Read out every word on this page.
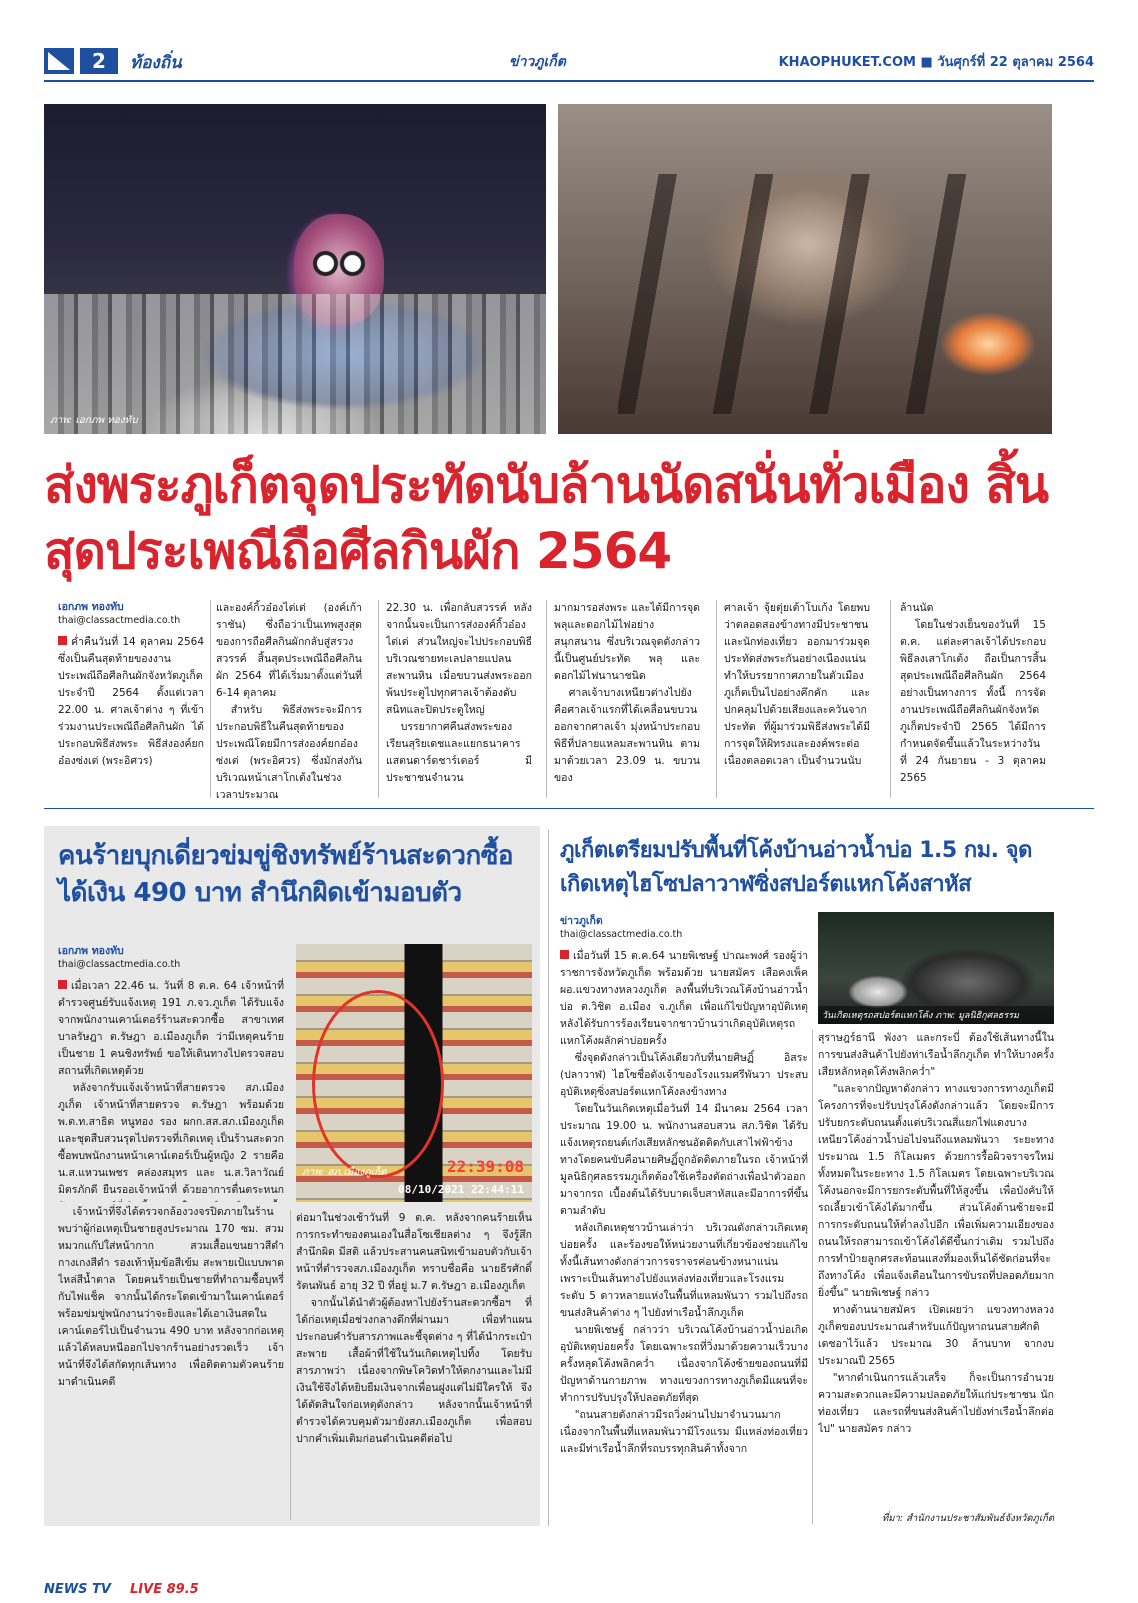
2	ท้องถิ่น	ข่าวภูเก็ต	KHAOPHUKET.COM ■ วันศุกร์ที่ 22 ตุลาคม 2564
ภาพ: เอกภพ ทองทับ
ส่งพระภูเก็ตจุดประทัดนับล้านนัดสนั่นทั่วเมือง สิ้นสุดประเพณีถือศีลกินผัก 2564
เอกภพ ทองทับ
thai@classactmedia.co.th

ค่ำคืนวันที่ 14 ตุลาคม 2564 ซึ่งเป็นคืนสุดท้ายของงานประเพณีถือศีลกินผักจังหวัดภูเก็ต ประจำปี 2564 ตั้งแต่เวลา 22.00 น. ศาลเจ้าต่าง ๆ ที่เข้าร่วมงานประเพณีถือศีลกินผัก ได้ประกอบพิธีส่งพระ พิธีส่งองค์ยกอ๋องซ่งเต่ (พระอิศวร)

และองค์กิ้วอ๋องไต่เต่ (องค์เก้าราชัน) ซึ่งถือว่าเป็นเทพสูงสุดของการถือศีลกินผักกลับสู่สรวงสวรรค์ สิ้นสุดประเพณีถือศีลกินผัก 2564 ที่ได้เริ่มมาตั้งแต่วันที่ 6-14 ตุลาคม

สำหรับ พิธีส่งพระจะมีการประกอบพิธีในคืนสุดท้ายของประเพณีโดยมีการส่งองค์ยกอ๋องซ่งเต่ (พระอิศวร) ซึ่งมักส่งกันบริเวณหน้าเสาโกเต้งในช่วงเวลาประมาณ

22.30 น. เพื่อกลับสวรรค์ หลังจากนั้นจะเป็นการส่งองค์กิ้วอ๋องไต่เต่ ส่วนใหญ่จะไปประกอบพิธีบริเวณชายทะเลปลายแปลนสะพานหิน เมื่อขบวนส่งพระออกพ้นประตูไปทุกศาลเจ้าต้องดับสนิทและปิดประตูใหญ่

บรรยากาศคืนส่งพระของเรียนสุริยเดชและแยกธนาคารแสตนดาร์ดชาร์เตอร์ มีประชาชนจำนวน

มากมารอส่งพระ และได้มีการจุดพลุและดอกไม้ไฟอย่างสนุกสนาน ซึ่งบริเวณจุดดังกล่าวนี้เป็นศูนย์ประทัด พลุ และดอกไม้ไฟนานาชนิด

ศาลเจ้าบางเหนียวต่างไปยังคือศาลเจ้าแรกที่ได้เคลื่อนขบวนออกจากศาลเจ้า มุ่งหน้าประกอบพิธีที่ปลายแหลมสะพานหิน ตามมาด้วยเวลา 23.09 น. ขบวนของ

ศาลเจ้า จุ้ยตุ่ยเต้าโบเก้ง โดยพบว่าตลอดสองข้างทางมีประชาชนและนักท่องเที่ยว ออกมาร่วมจุดประทัดส่งพระกันอย่างเนืองแน่นทำให้บรรยากาศภายในตัวเมืองภูเก็ตเป็นไปอย่างคึกคัก และปกคลุมไปด้วยเสียงและควันจากประทัด ที่ผู้มาร่วมพิธีส่งพระได้มีการจุดให้ฝ้ทรงและองค์พระต่อเนื่องตลอดเวลา เป็นจำนวนนับ

ล้านนัด

โดยในช่วงเย็นของวันที่ 15 ต.ค. แต่ละศาลเจ้าได้ประกอบพิธีลงเสาโกเต้ง ถือเป็นการสิ้นสุดประเพณีถือศีลกินผัก 2564 อย่างเป็นทางการ ทั้งนี้ การจัดงานประเพณีถือศีลกินผักจังหวัดภูเก็ตประจำปี 2565 ได้มีการกำหนดจัดขึ้นแล้วในระหว่างวันที่ 24 กันยายน - 3 ตุลาคม 2565

คนร้ายบุกเดี่ยวข่มขู่ชิงทรัพย์ร้านสะดวกซื้อ ได้เงิน 490 บาท สำนึกผิดเข้ามอบตัว
เอกภพ ทองทับ
thai@classactmedia.co.th

เมื่อเวลา 22.46 น. วันที่ 8 ต.ค. 64 เจ้าหน้าที่ตำรวจศูนย์รับแจ้งเหตุ 191 ภ.จว.ภูเก็ต ได้รับแจ้งจากพนักงานเคาน์เตอร์ร้านสะดวกซื้อ สาขาเทศบาลรัษฎา ต.รัษฎา อ.เมืองภูเก็ต ว่ามีเหตุคนร้ายเป็นชาย 1 คนชิงทรัพย์ ขอให้เดินทางไปตรวจสอบสถานที่เกิดเหตุด้วย

หลังจากรับแจ้งเจ้าหน้าที่สายตรวจ สภ.เมืองภูเก็ต เจ้าหน้าที่สายตรวจ ต.รัษฎา พร้อมด้วย พ.ต.ท.สาธิต หนูทอง รอง ผกก.สส.สภ.เมืองภูเก็ต และชุดสืบสวนรุดไปตรวจที่เกิดเหตุ เป็นร้านสะดวกซื้อพบพนักงานหน้าเคาน์เตอร์เป็นผู้หญิง 2 รายคือ น.ส.แหวนเพชร คล่องสมุทร และ น.ส.วิลาวัณย์ มิตรภักดี ยืนรออเจ้าหน้าที่ ด้วยอาการตื่นตระหนก

22:39:08
08/10/2021 22:44:11
ภาพ: สภ.เมืองภูเก็ต

เจ้าหน้าที่จึงได้ตรวจกล้องวงจรปิดภายในร้าน พบว่าผู้ก่อเหตุเป็นชายสูงประมาณ 170 ซม. สวมหมวกแก๊ปใส่หน้ากาก สวมเสื้อแขนยาวสีดำ กางเกงสีดำ รองเท้าหุ้มข้อสีเข้ม สะพายเป้แบบพาดไหล่สีน้ำตาล โดยคนร้ายเป็นชายที่ทำถามซื้อบุหรี่กับไฟแช็ค จากนั้นได้กระโดดเข้ามาในเคาน์เตอร์ พร้อมข่มขู่พนักงานว่าจะยิงและได้เอาเงินสดในเคาน์เตอร์ไปเป็นจำนวน 490 บาท หลังจากก่อเหตุแล้วได้หลบหนีออกไปจากร้านอย่างรวดเร็ว เจ้าหน้าที่จึงได้สกัดทุกเส้นทาง เพื่อติดตามตัวคนร้ายมาดำเนินคดี

ต่อมาในช่วงเช้าวันที่ 9 ต.ค. หลังจากคนร้ายเห็นการกระทำของตนเองในสื่อโซเชียลต่าง ๆ จึงรู้สึกสำนึกผิด มีสติ แล้วประสานคนสนิทเข้ามอบตัวกับเจ้าหน้าที่ตำรวจสภ.เมืองภูเก็ต ทราบชื่อคือ นายธีรศักดิ์ รัตนพันธ์ อายุ 32 ปี ที่อยู่ ม.7 ต.รัษฎา อ.เมืองภูเก็ต

จากนั้นได้นำตัวผู้ต้องหาไปยังร้านสะดวกซื้อฯ ที่ได้ก่อเหตุเมื่อช่วงกลางดึกที่ผ่านมา เพื่อทำแผนประกอบคำรับสารภาพและชี้จุดต่าง ๆ ที่ได้นำกระเป๋าสะพาย เสื้อผ้าที่ใช้ในวันเกิดเหตุไปทิ้ง โดยรับสารภาพว่า เนื่องจากพิษโควิดทำให้ตกงานและไม่มีเงินใช้จึงได้หยิบยืมเงินจากเพื่อนฝูงแต่ไม่มีใครให้ จึงได้ตัดสินใจก่อเหตุดังกล่าว หลังจากนั้นเจ้าหน้าที่ตำรวจได้ควบคุมตัวมายังสภ.เมืองภูเก็ต เพื่อสอบปากคำเพิ่มเติมก่อนดำเนินคดีต่อไป

ภูเก็ตเตรียมปรับพื้นที่โค้งบ้านอ่าวน้ำบ่อ 1.5 กม. จุดเกิดเหตุไฮโซปลาวาฬซิ่งสปอร์ตแหกโค้งสาหัส
ข่าวภูเก็ต
thai@classactmedia.co.th

เมื่อวันที่ 15 ต.ค.64 นายพิเชษฐ์ ปาณะพงศ์ รองผู้ว่าราชการจังหวัดภูเก็ต พร้อมด้วย นายสมัคร เสือคงเพ็ค ผอ.แขวงทางหลวงภูเก็ต ลงพื้นที่บริเวณโค้งบ้านอ่าวน้ำบ่อ ต.วิชิต อ.เมือง จ.ภูเก็ต เพื่อแก้ไขปัญหาอุบัติเหตุ หลังได้รับการร้องเรียนจากชาวบ้านว่าเกิดอุบัติเหตุรถแหกโค้งผลักค่าบ่อยครั้ง

ซึ่งจุดดังกล่าวเป็นโค้งเดียวกับที่นายศิษฏิ์ อิสระ (ปลาวาฬ) ไฮโซชื่อดังเจ้าของโรงแรมศรีพันวา ประสบอุบัติเหตุซิ่งสปอร์ตแหกโค้งลงข้างทาง

โดยในวันเกิดเหตุเมื่อวันที่ 14 มีนาคม 2564 เวลาประมาณ 19.00 น. พนักงานสอบสวน สภ.วิชิต ได้รับแจ้งเหตุรถยนต์เก๋งเสียหลักชนอัดติดกับเสาไฟฟ้าข้างทางโดยคนขับคือนายศิษฏิ์ถูกอัดติดภายในรถ เจ้าหน้าที่มูลนิธิกุศลธรรมภูเก็ตต้องใช้เครื่องตัดถ่างเพื่อนำตัวออกมาจากรถ เบื้องต้นได้รับบาดเจ็บสาหัสและมีอาการที่ขึ้นตามลำดับ

หลังเกิดเหตุชาวบ้านเล่าว่า บริเวณดังกล่าวเกิดเหตุบ่อยครั้ง และร้องขอให้หน่วยงานที่เกี่ยวข้องช่วยแก้ไข ทั้งนี้เส้นทางดังกล่าวการจราจรค่อนข้างหนาแน่น เพราะเป็นเส้นทางไปยังแหล่งท่องเที่ยวและโรงแรมระดับ 5 ดาวหลายแห่งในพื้นที่แหลมพันวา รวมไปถึงรถขนส่งสินค้าต่าง ๆ ไปยังท่าเรือน้ำลึกภูเก็ต

นายพิเชษฐ์ กล่าวว่า บริเวณโค้งบ้านอ่าวน้ำบ่อเกิดอุบัติเหตุบ่อยครั้ง โดยเฉพาะรถที่วิ่งมาด้วยความเร็วบางครั้งหลุดโค้งพลิกคว่ำ เนื่องจากโค้งซ้ายของถนนที่มีปัญหาด้านกายภาพ ทางแขวงการทางภูเก็ตมีแผนที่จะทำการปรับปรุงให้ปลอดภัยที่สุด

"ถนนสายดังกล่าวมีรถวิ่งผ่านไปมาจำนวนมาก เนื่องจากในพื้นที่แหลมพันวามีโรงแรม มีแหล่งท่องเที่ยว และมีท่าเรือน้ำลึกที่รถบรรทุกสินค้าทั้งจาก

วันเกิดเหตุรถสปอร์ตแหกโค้ง ภาพ: มูลนิธิกุศลธรรม

สุราษฎร์ธานี พังงา และกระบี่ ต้องใช้เส้นทางนี้ในการขนส่งสินค้าไปยังท่าเรือน้ำลึกภูเก็ต ทำให้บางครั้งเสียหลักหลุดโค้งพลิกคว่ำ"

"และจากปัญหาดังกล่าว ทางแขวงการทางภูเก็ตมีโครงการที่จะปรับปรุงโค้งดังกล่าวแล้ว โดยจะมีการปรับยกระดับถนนตั้งแต่บริเวณสี่แยกไฟแดงบางเหนียวโค้งอ่าวน้ำบ่อไปจนถึงแหลมพันวา ระยะทางประมาณ 1.5 กิโลเมตร ด้วยการรื้อผิวจราจรใหม่ทั้งหมดในระยะทาง 1.5 กิโลเมตร โดยเฉพาะบริเวณโค้งนอกจะมีการยกระดับพื้นที่ให้สูงขึ้น เพื่อบังคับให้รถเลี้ยวเข้าโค้งได้มากขึ้น ส่วนโค้งด้านซ้ายจะมีการกระดับถนนให้ต่ำลงไปอีก เพื่อเพิ่มความเอียงของถนนให้รถสามารถเข้าโค้งได้ดีขึ้นกว่าเดิม รวมไปถึงการทำป้ายลูกศรสะท้อนแสงที่มองเห็นได้ชัดก่อนที่จะถึงทางโค้ง เพื่อแจ้งเตือนในการขับรถที่ปลอดภัยมากยิ่งขึ้น" นายพิเชษฐ์ กล่าว

ทางด้านนายสมัคร เปิดเผยว่า แขวงทางหลวงภูเก็ตของบประมาณสำหรับแก้ปัญหาถนนสายศักดิเดชอาไว้แล้ว ประมาณ 30 ล้านบาท จากงบประมาณปี 2565

"หากดำเนินการแล้วเสร็จ ก็จะเป็นการอำนวยความสะดวกและมีความปลอดภัยให้แก่ประชาชน นักท่องเที่ยว และรถที่ขนส่งสินค้าไปยังท่าเรือน้ำลึกต่อไป" นายสมัคร กล่าว

ที่มา: สำนักงานประชาสัมพันธ์จังหวัดภูเก็ต
NEWS TV LIVE 89.5
